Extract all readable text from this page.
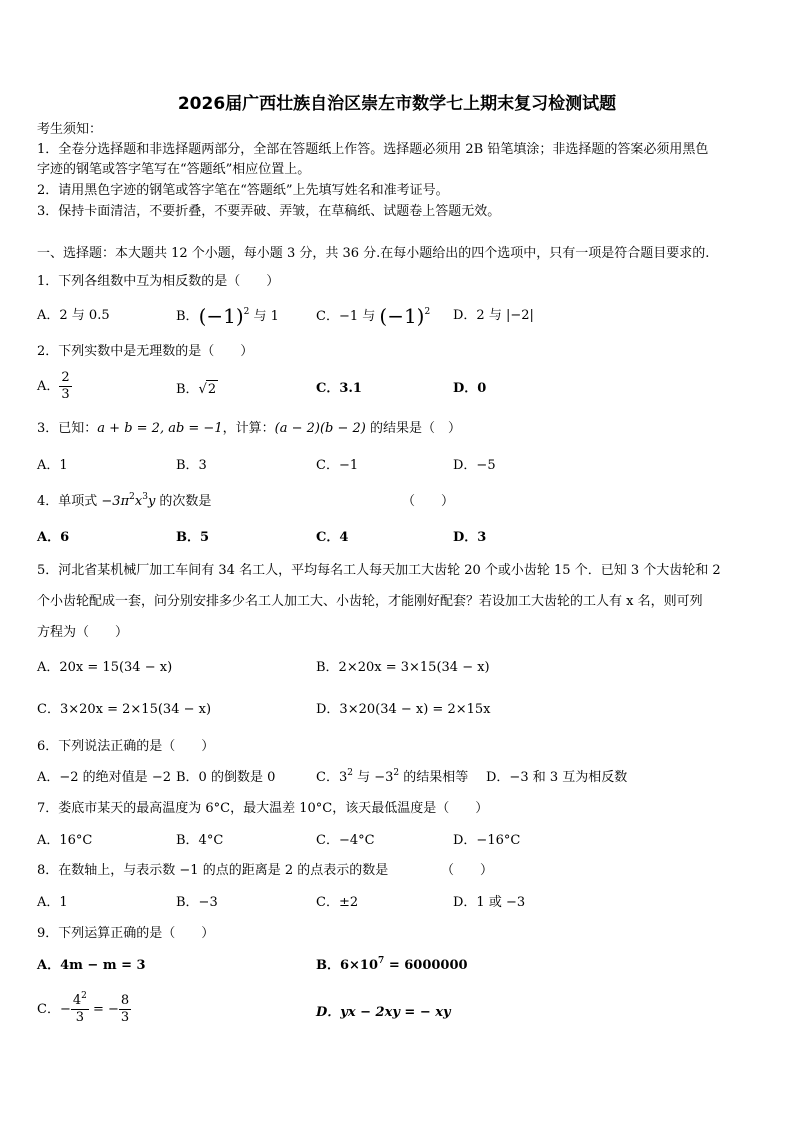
2026届广西壮族自治区崇左市数学七上期末复习检测试题
考生须知：
1．全卷分选择题和非选择题两部分，全部在答题纸上作答。选择题必须用 2B 铅笔填涂；非选择题的答案必须用黑色
字迹的钢笔或答字笔写在“答题纸”相应位置上。
2．请用黑色字迹的钢笔或答字笔在“答题纸”上先填写姓名和准考证号。
3．保持卡面清洁，不要折叠，不要弄破、弄皱，在草稿纸、试题卷上答题无效。
一、选择题：本大题共 12 个小题，每小题 3 分，共 36 分.在每小题给出的四个选项中，只有一项是符合题目要求的.
1．下列各组数中互为相反数的是（　　）
A．2 与 0.5	B．$(-1)^2$ 与 1	C．−1 与 $(-1)^2$ D．2 与 |−2|
2．下列实数中是无理数的是（　　）
A． $\frac{2}{3}$	B．√2	C．3.1	D．0
3．已知：a + b = 2, ab = −1，计算：(a − 2)(b − 2) 的结果是（　）
A．1	B．3	C．−1	D．−5
4．单项式 $-3\pi^2x^3y$ 的次数是	（　　）
A．6	B．5	C．4	D．3
5．河北省某机械厂加工车间有 34 名工人，平均每名工人每天加工大齿轮 20 个或小齿轮 15 个．已知 3 个大齿轮和 2
个小齿轮配成一套，问分别安排多少名工人加工大、小齿轮，才能刚好配套？若设加工大齿轮的工人有 x 名，则可列
方程为（　　）
A．20x = 15(34 − x)	B．2×20x = 3×15(34 − x)
C．3×20x = 2×15(34 − x)	D．3×20(34 − x) = 2×15x
6．下列说法正确的是（　　）
A．−2 的绝对值是 −2 B．0 的倒数是 0	C．$3^2$ 与 $-3^2$ 的结果相等 D．−3 和 3 互为相反数
7．娄底市某天的最高温度为 6°C，最大温差 10°C，该天最低温度是（　　）
A．16°C	B．4°C	C．−4°C	D．−16°C
8．在数轴上，与表示数 −1 的点的距离是 2 的点表示的数是	（　　）
A．1	B．−3	C．±2	D．1 或 −3
9．下列运算正确的是（　　）
A．4m − m = 3	B．$6\times 10^7 = 6000000$
C．− $\frac{4^2}{3}$ = − $\frac{8}{3}$	D．yx − 2xy = − xy
